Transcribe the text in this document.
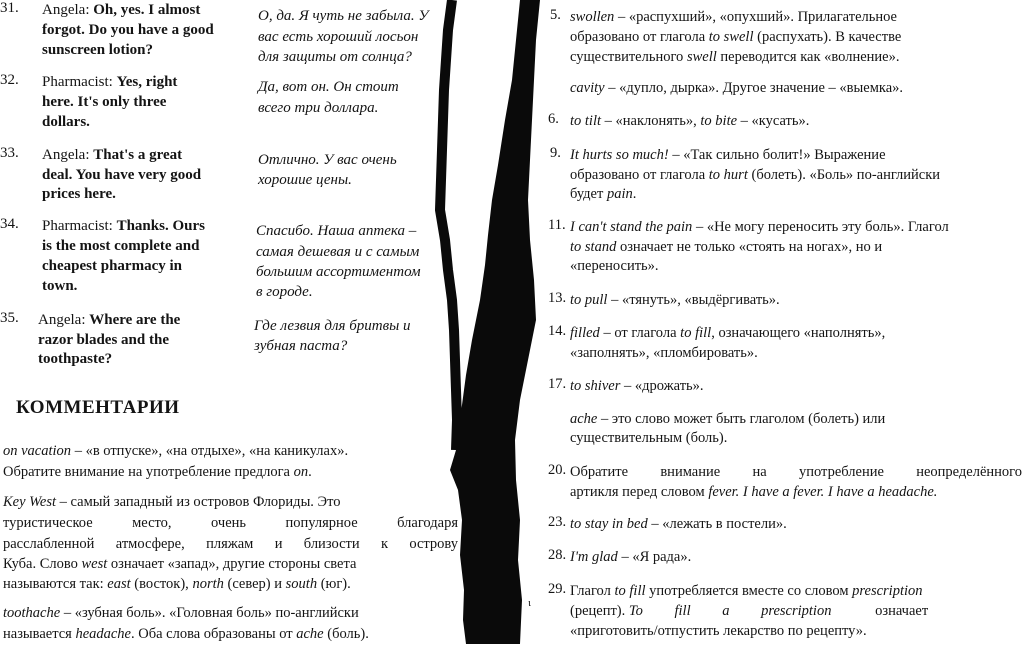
31. Angela: Oh, yes. I almost
forgot. Do you have a good
sunscreen lotion?
О, да. Я чуть не забыла. У
вас есть хороший лосьон
для защиты от солнца?
32. Pharmacist: Yes, right
here. It's only three
dollars.
Да, вот он. Он стоит
всего три доллара.
33. Angela: That's a great
deal. You have very good
prices here.
Отлично. У вас очень
хорошие цены.
34. Pharmacist: Thanks. Ours
is the most complete and
cheapest pharmacy in
town.
Спасибо. Наша аптека –
самая дешевая и с самым
большим ассортиментом
в городе.
35. Angela: Where are the
razor blades and the
toothpaste?
Где лезвия для бритвы и
зубная паста?
КОММЕНТАРИИ
on vacation – «в отпуске», «на отдыхе», «на каникулах».
Обратите внимание на употребление предлога on.
Key West – самый западный из островов Флориды. Это
туристическое место, очень популярное благодаря
расслабленной атмосфере, пляжам и близости к острову
Куба. Слово west означает «запад», другие стороны света
называются так: east (восток), north (север) и south (юг).
toothache – «зубная боль». «Головная боль» по-английски
называется headache. Оба слова образованы от ache (боль).
5. swollen – «распухший», «опухший». Прилагательное
образовано от глагола to swell (распухать). В качестве
существительного swell переводится как «волнение».
cavity – «дупло, дырка». Другое значение – «выемка».
6. to tilt – «наклонять», to bite – «кусать».
9. It hurts so much! – «Так сильно болит!» Выражение
образовано от глагола to hurt (болеть). «Боль» по-английски
будет pain.
11. I can't stand the pain – «Не могу переносить эту боль». Глагол
to stand означает не только «стоять на ногах», но и
«переносить».
13. to pull – «тянуть», «выдёргивать».
14. filled – от глагола to fill, означающего «наполнять»,
«заполнять», «пломбировать».
17. to shiver – «дрожать».
ache – это слово может быть глаголом (болеть) или
существительным (боль).
20. Обратите внимание на употребление неопределённого
артикля перед словом fever. I have a fever. I have a headache.
23. to stay in bed – «лежать в постели».
28. I'm glad – «Я рада».
29. Глагол to fill употребляется вместе со словом prescription
(рецепт). To fill a prescription	означает
«приготовить/отпустить лекарство по рецепту».
ι
